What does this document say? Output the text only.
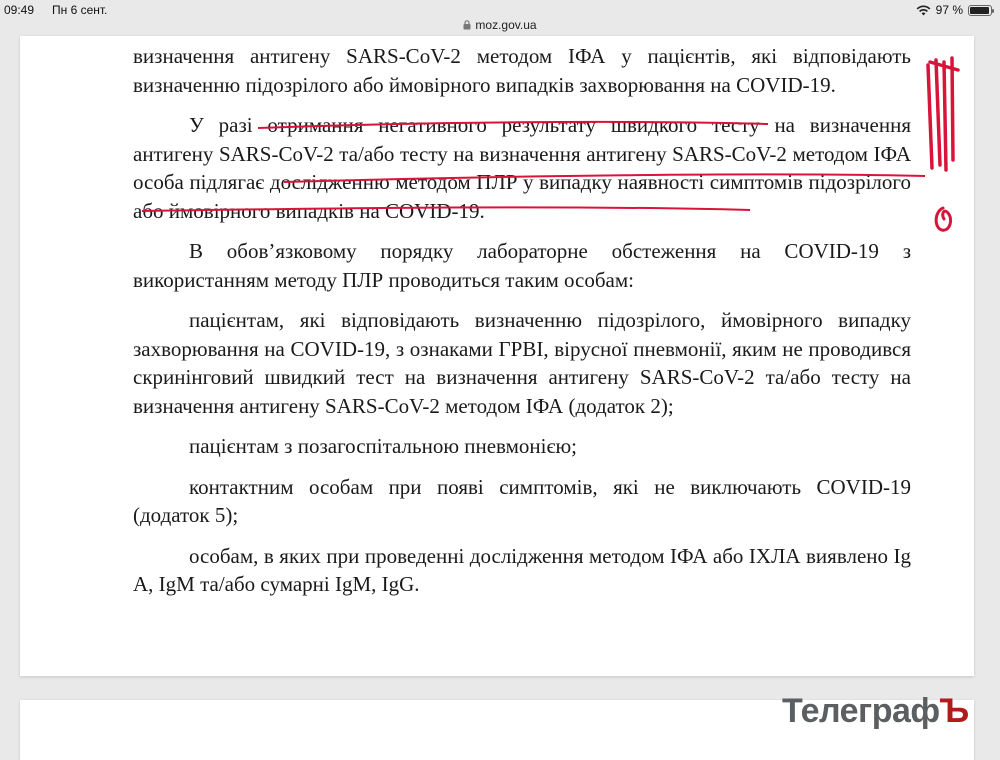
09:49 Пн 6 сент.	97 %
moz.gov.ua

визначення антигену SARS-CoV-2 методом ІФА у пацієнтів, які відповідають визначенню підозрілого або ймовірного випадків захворювання на COVID-19.

У разі отримання негативного результату швидкого тесту на визначення антигену SARS-CoV-2 та/або тесту на визначення антигену SARS-CoV-2 методом ІФА особа підлягає дослідженню методом ПЛР у випадку наявності симптомів підозрілого або ймовірного випадків на COVID-19.

В обов’язковому порядку лабораторне обстеження на COVID-19 з використанням методу ПЛР проводиться таким особам:

пацієнтам, які відповідають визначенню підозрілого, ймовірного випадку захворювання на COVID-19, з ознаками ГРВІ, вірусної пневмонії, яким не проводився скринінговий швидкий тест на визначення антигену SARS-CoV-2 та/або тесту на визначення антигену SARS-CoV-2 методом ІФА (додаток 2);

пацієнтам з позагоспітальною пневмонією;

контактним особам при появі симптомів, які не виключають COVID-19 (додаток 5);

особам, в яких при проведенні дослідження методом ІФА або ІХЛА виявлено Ig A, IgM та/або сумарні IgM, IgG.

ТелеграфЪ
